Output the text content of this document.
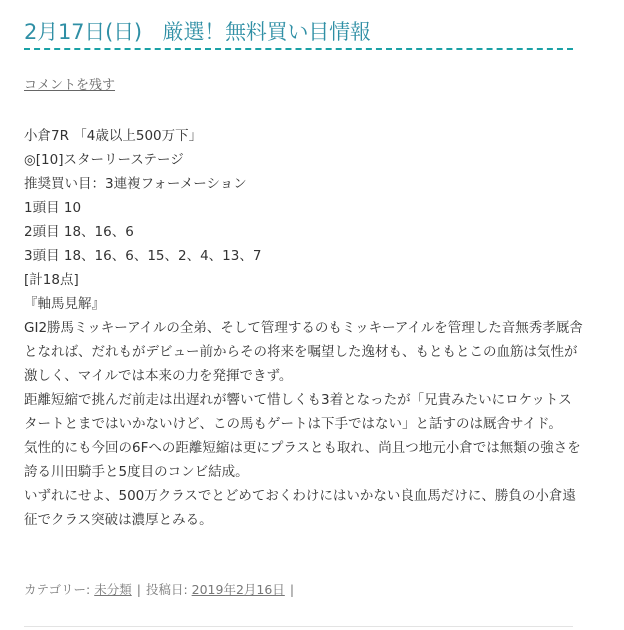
2月17日(日)　厳選！無料買い目情報
コメントを残す
小倉7R 「4歳以上500万下」
◎[10]スターリーステージ
推奨買い目：3連複フォーメーション
1頭目 10
2頭目 18、16、6
3頭目 18、16、6、15、2、4、13、7
[計18点]
『軸馬見解』
GI2勝馬ミッキーアイルの全弟、そして管理するのもミッキーアイルを管理した音無秀孝厩舎となれば、だれもがデビュー前からその将来を嘱望した逸材も、もともとこの血筋は気性が激しく、マイルでは本来の力を発揮できず。
距離短縮で挑んだ前走は出遅れが響いて惜しくも3着となったが「兄貴みたいにロケットスタートとまではいかないけど、この馬もゲートは下手ではない」と話すのは厩舎サイド。
気性的にも今回の6Fへの距離短縮は更にプラスとも取れ、尚且つ地元小倉では無類の強さを誇る川田騎手と5度目のコンビ結成。
いずれにせよ、500万クラスでとどめておくわけにはいかない良血馬だけに、勝負の小倉遠征でクラス突破は濃厚とみる。
カテゴリー: 未分類 | 投稿日: 2019年2月16日 |
